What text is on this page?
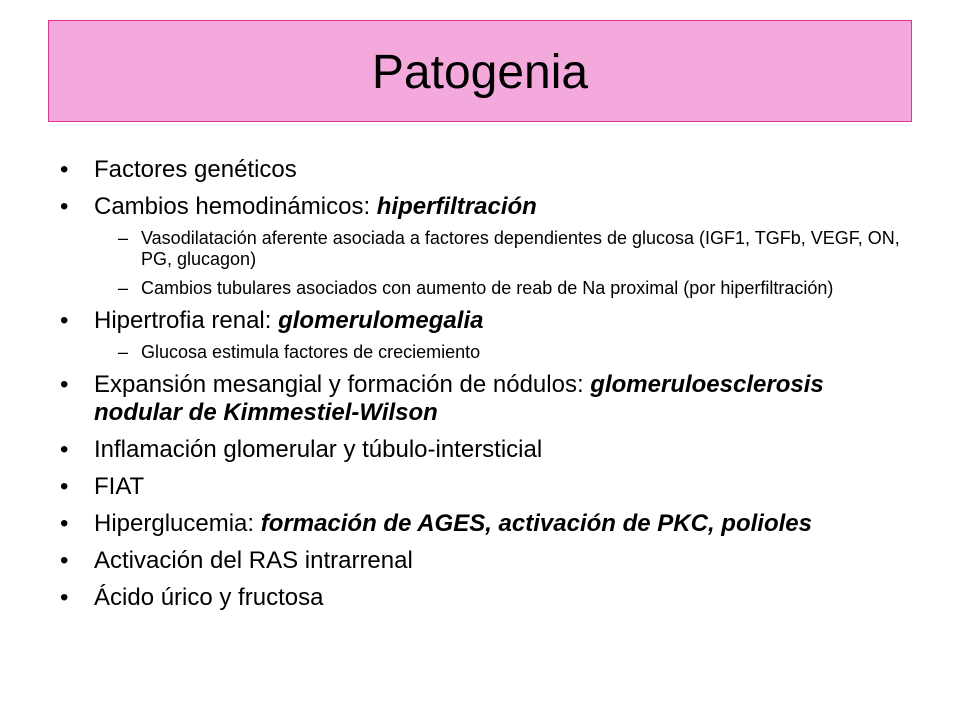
Patogenia
• Factores genéticos
• Cambios hemodinámicos: hiperfiltración
– Vasodilatación aferente asociada a factores dependientes de glucosa (IGF1, TGFb, VEGF, ON, PG, glucagon)
– Cambios tubulares asociados con aumento de reab de Na proximal (por hiperfiltración)
• Hipertrofia renal: glomerulomegalia
– Glucosa estimula factores de creciemiento
• Expansión mesangial y formación de nódulos: glomeruloesclerosis nodular de Kimmestiel-Wilson
• Inflamación glomerular y túbulo-intersticial
• FIAT
• Hiperglucemia: formación de AGES, activación de PKC, polioles
• Activación del RAS intrarrenal
• Ácido úrico y fructosa
